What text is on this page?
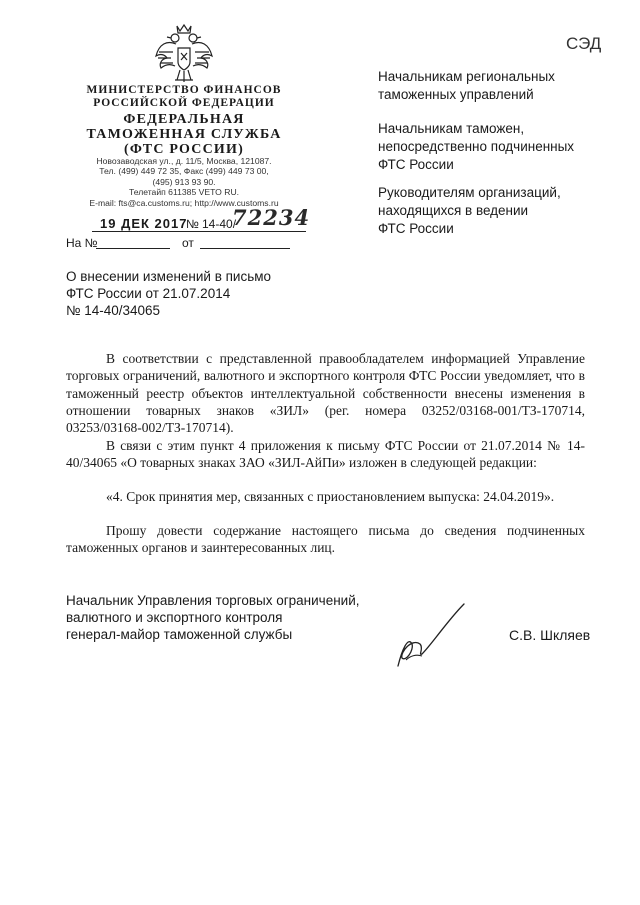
СЭД
МИНИСТЕРСТВО ФИНАНСОВ
РОССИЙСКОЙ ФЕДЕРАЦИИ
ФЕДЕРАЛЬНАЯ
ТАМОЖЕННАЯ СЛУЖБА
(ФТС РОССИИ)
Новозаводская ул., д. 11/5, Москва, 121087.
Тел. (499) 449 72 35, Факс (499) 449 73 00,
(495) 913 93 90.
Телетайп 611385 VETO RU.
E-mail: fts@ca.customs.ru; http://www.customs.ru
19 ДЕК 2017
№ 14-40/
72234
На №	от
Начальникам региональных
таможенных управлений
Начальникам таможен,
непосредственно подчиненных
ФТС России
Руководителям организаций,
находящихся в ведении
ФТС России
О внесении изменений в письмо
ФТС России от 21.07.2014
№ 14-40/34065
В соответствии с представленной правообладателем информацией Управление торговых ограничений, валютного и экспортного контроля ФТС России уведомляет, что в таможенный реестр объектов интеллектуальной собственности внесены изменения в отношении товарных знаков «ЗИЛ» (рег. номера 03252/03168-001/ТЗ-170714, 03253/03168-002/ТЗ-170714).
В связи с этим пункт 4 приложения к письму ФТС России от 21.07.2014 № 14-40/34065 «О товарных знаках ЗАО «ЗИЛ-АйПи» изложен в следующей редакции:
«4. Срок принятия мер, связанных с приостановлением выпуска: 24.04.2019».
Прошу довести содержание настоящего письма до сведения подчиненных таможенных органов и заинтересованных лиц.
Начальник Управления торговых ограничений,
валютного и экспортного контроля
генерал-майор таможенной службы	С.В. Шкляев
